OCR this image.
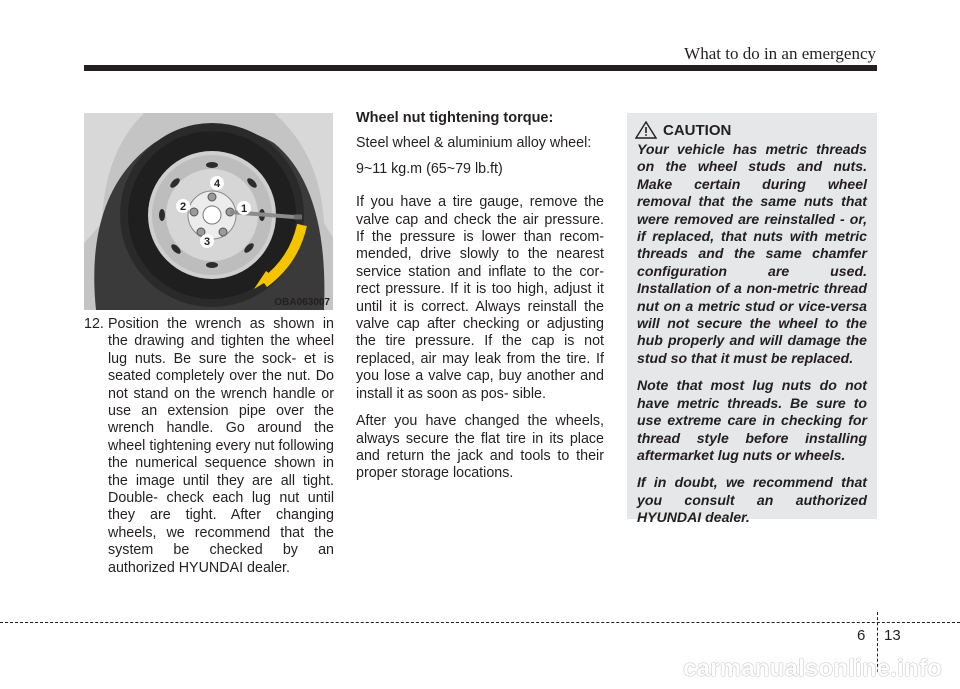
What to do in an emergency
1
2
3
4
OBA063007
12. Position the wrench as shown in the drawing and tighten the wheel lug nuts. Be sure the sock- et is seated completely over the nut. Do not stand on the wrench handle or use an extension pipe over the wrench handle. Go around the wheel tightening every nut following the numerical sequence shown in the image until they are all tight. Double- check each lug nut until they are tight. After changing wheels, we recommend that the system be checked by an authorized HYUNDAI dealer.

Wheel nut tightening torque:

Steel wheel & aluminium alloy wheel:

9~11 kg.m (65~79 lb.ft)

If you have a tire gauge, remove the valve cap and check the air pressure. If the pressure is lower than recom- mended, drive slowly to the nearest service station and inflate to the cor- rect pressure. If it is too high, adjust it until it is correct. Always reinstall the valve cap after checking or adjusting the tire pressure. If the cap is not replaced, air may leak from the tire. If you lose a valve cap, buy another and install it as soon as pos- sible.

After you have changed the wheels, always secure the flat tire in its place and return the jack and tools to their proper storage locations.

CAUTION

Your vehicle has metric threads on the wheel studs and nuts. Make certain during wheel removal that the same nuts that were removed are reinstalled - or, if replaced, that nuts with metric threads and the same chamfer configuration are used. Installation of a non-metric thread nut on a metric stud or vice-versa will not secure the wheel to the hub properly and will damage the stud so that it must be replaced.

Note that most lug nuts do not have metric threads. Be sure to use extreme care in checking for thread style before installing aftermarket lug nuts or wheels.

If in doubt, we recommend that you consult an authorized HYUNDAI dealer.

6 13
carmanualsonline.info
